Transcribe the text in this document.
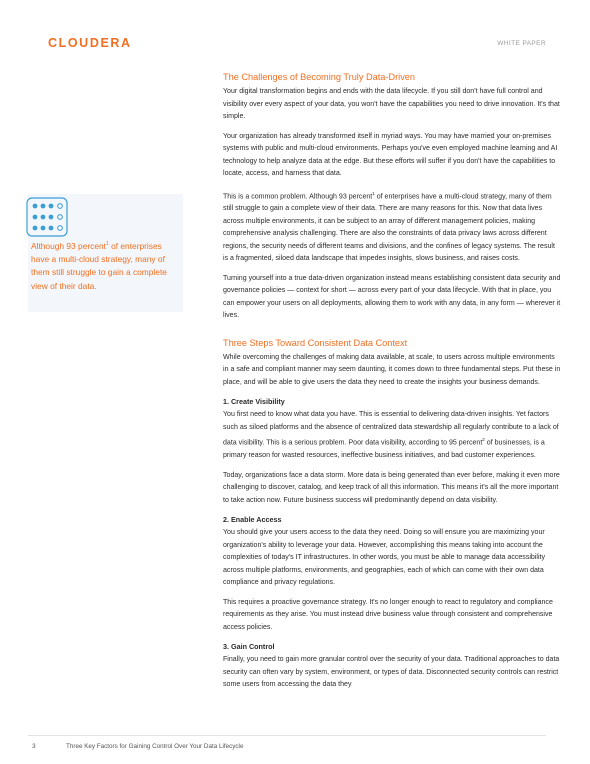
CLOUDERA	WHITE PAPER
Although 93 percent$^1$ of enterprises have a multi-cloud strategy, many of them still struggle to gain a complete view of their data.
The Challenges of Becoming Truly Data-Driven

Your digital transformation begins and ends with the data lifecycle. If you still don't have full control and visibility over every aspect of your data, you won't have the capabilities you need to drive innovation. It's that simple.

Your organization has already transformed itself in myriad ways. You may have married your on-premises systems with public and multi-cloud environments. Perhaps you've even employed machine learning and AI technology to help analyze data at the edge. But these efforts will suffer if you don't have the capabilities to locate, access, and harness that data.

This is a common problem. Although 93 percent$^1$ of enterprises have a multi-cloud strategy, many of them still struggle to gain a complete view of their data. There are many reasons for this. Now that data lives across multiple environments, it can be subject to an array of different management policies, making comprehensive analysis challenging. There are also the constraints of data privacy laws across different regions, the security needs of different teams and divisions, and the confines of legacy systems. The result is a fragmented, siloed data landscape that impedes insights, slows business, and raises costs.

Turning yourself into a true data-driven organization instead means establishing consistent data security and governance policies — context for short — across every part of your data lifecycle. With that in place, you can empower your users on all deployments, allowing them to work with any data, in any form — wherever it lives.

Three Steps Toward Consistent Data Context

While overcoming the challenges of making data available, at scale, to users across multiple environments in a safe and compliant manner may seem daunting, it comes down to three fundamental steps. Put these in place, and will be able to give users the data they need to create the insights your business demands.

1. Create Visibility

You first need to know what data you have. This is essential to delivering data-driven insights. Yet factors such as siloed platforms and the absence of centralized data stewardship all regularly contribute to a lack of data visibility. This is a serious problem. Poor data visibility, according to 95 percent$^2$ of businesses, is a primary reason for wasted resources, ineffective business initiatives, and bad customer experiences.

Today, organizations face a data storm. More data is being generated than ever before, making it even more challenging to discover, catalog, and keep track of all this information. This means it's all the more important to take action now. Future business success will predominantly depend on data visibility.

2. Enable Access

You should give your users access to the data they need. Doing so will ensure you are maximizing your organization's ability to leverage your data. However, accomplishing this means taking into account the complexities of today's IT infrastructures. In other words, you must be able to manage data accessibility across multiple platforms, environments, and geographies, each of which can come with their own data compliance and privacy regulations.

This requires a proactive governance strategy. It's no longer enough to react to regulatory and compliance requirements as they arise. You must instead drive business value through consistent and comprehensive access policies.

3. Gain Control

Finally, you need to gain more granular control over the security of your data. Traditional approaches to data security can often vary by system, environment, or types of data. Disconnected security controls can restrict some users from accessing the data they

3	Three Key Factors for Gaining Control Over Your Data Lifecycle
